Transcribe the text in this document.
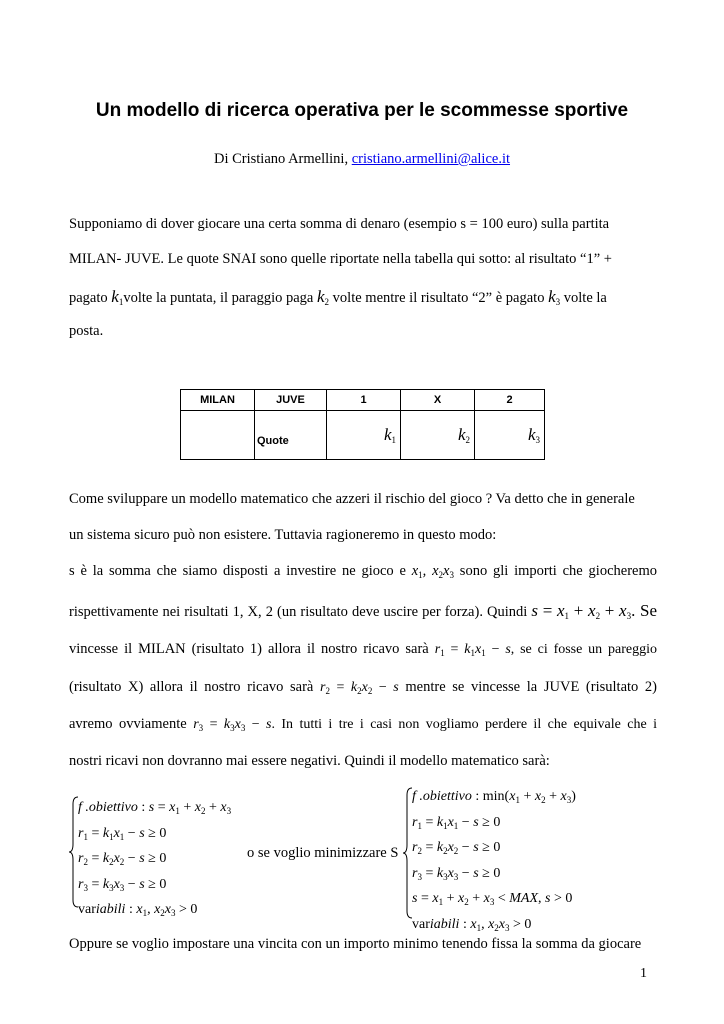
Un modello di ricerca operativa per le scommesse sportive
Di Cristiano Armellini, cristiano.armellini@alice.it
Supponiamo di dover giocare una certa somma di denaro (esempio s = 100 euro) sulla partita
MILAN- JUVE. Le quote SNAI sono quelle riportate nella tabella qui sotto: al risultato “1” +
pagato $k_1volte$ la puntata, il paraggio paga $k_2$ volte mentre il risultato “2” è pagato $k_3$ volte la
posta.
MILAN	JUVE	1	X	2
	Quote	$k_1$	$k_2$	$k_3$
Come sviluppare un modello matematico che azzeri il rischio del gioco ? Va detto che in generale
un sistema sicuro può non esistere. Tuttavia ragioneremo in questo modo:
s è la somma che siamo disposti a investire ne gioco e $x_1$, $x_2x_3$ sono gli importi che giocheremo
rispettivamente nei risultati 1, X, 2 (un risultato deve uscire per forza). Quindi $s = x_1 + x_2 + x_3$. Se
vincesse il MILAN (risultato 1) allora il nostro ricavo sarà $r_1 = k_1x_1 - s$, se ci fosse un pareggio
(risultato X) allora il nostro ricavo sarà $r_2 = k_2x_2 - s$ mentre se vincesse la JUVE (risultato 2)
avremo ovviamente $r_3 = k_3x_3 - s$. In tutti i tre i casi non vogliamo perdere il che equivale che i
nostri ricavi non dovranno mai essere negativi. Quindi il modello matematico sarà:
f .obiettivo : $s = x_1 + x_2 + x_3$
$r_1 = k_1x_1 - s \ge 0$
$r_2 = k_2x_2 - s \ge 0$
$r_3 = k_3x_3 - s \ge 0$
variabili : $x_1$, $x_2x_3 > 0$
o se voglio minimizzare S
f .obiettivo : $\min(x_1 + x_2 + x_3)$
$r_1 = k_1x_1 - s \ge 0$
$r_2 = k_2x_2 - s \ge 0$
$r_3 = k_3x_3 - s \ge 0$
$s = x_1 + x_2 + x_3$ < MAX, s > 0
variabili : $x_1$, $x_2x_3 > 0$
Oppure se voglio impostare una vincita con un importo minimo tenendo fissa la somma da giocare
1
